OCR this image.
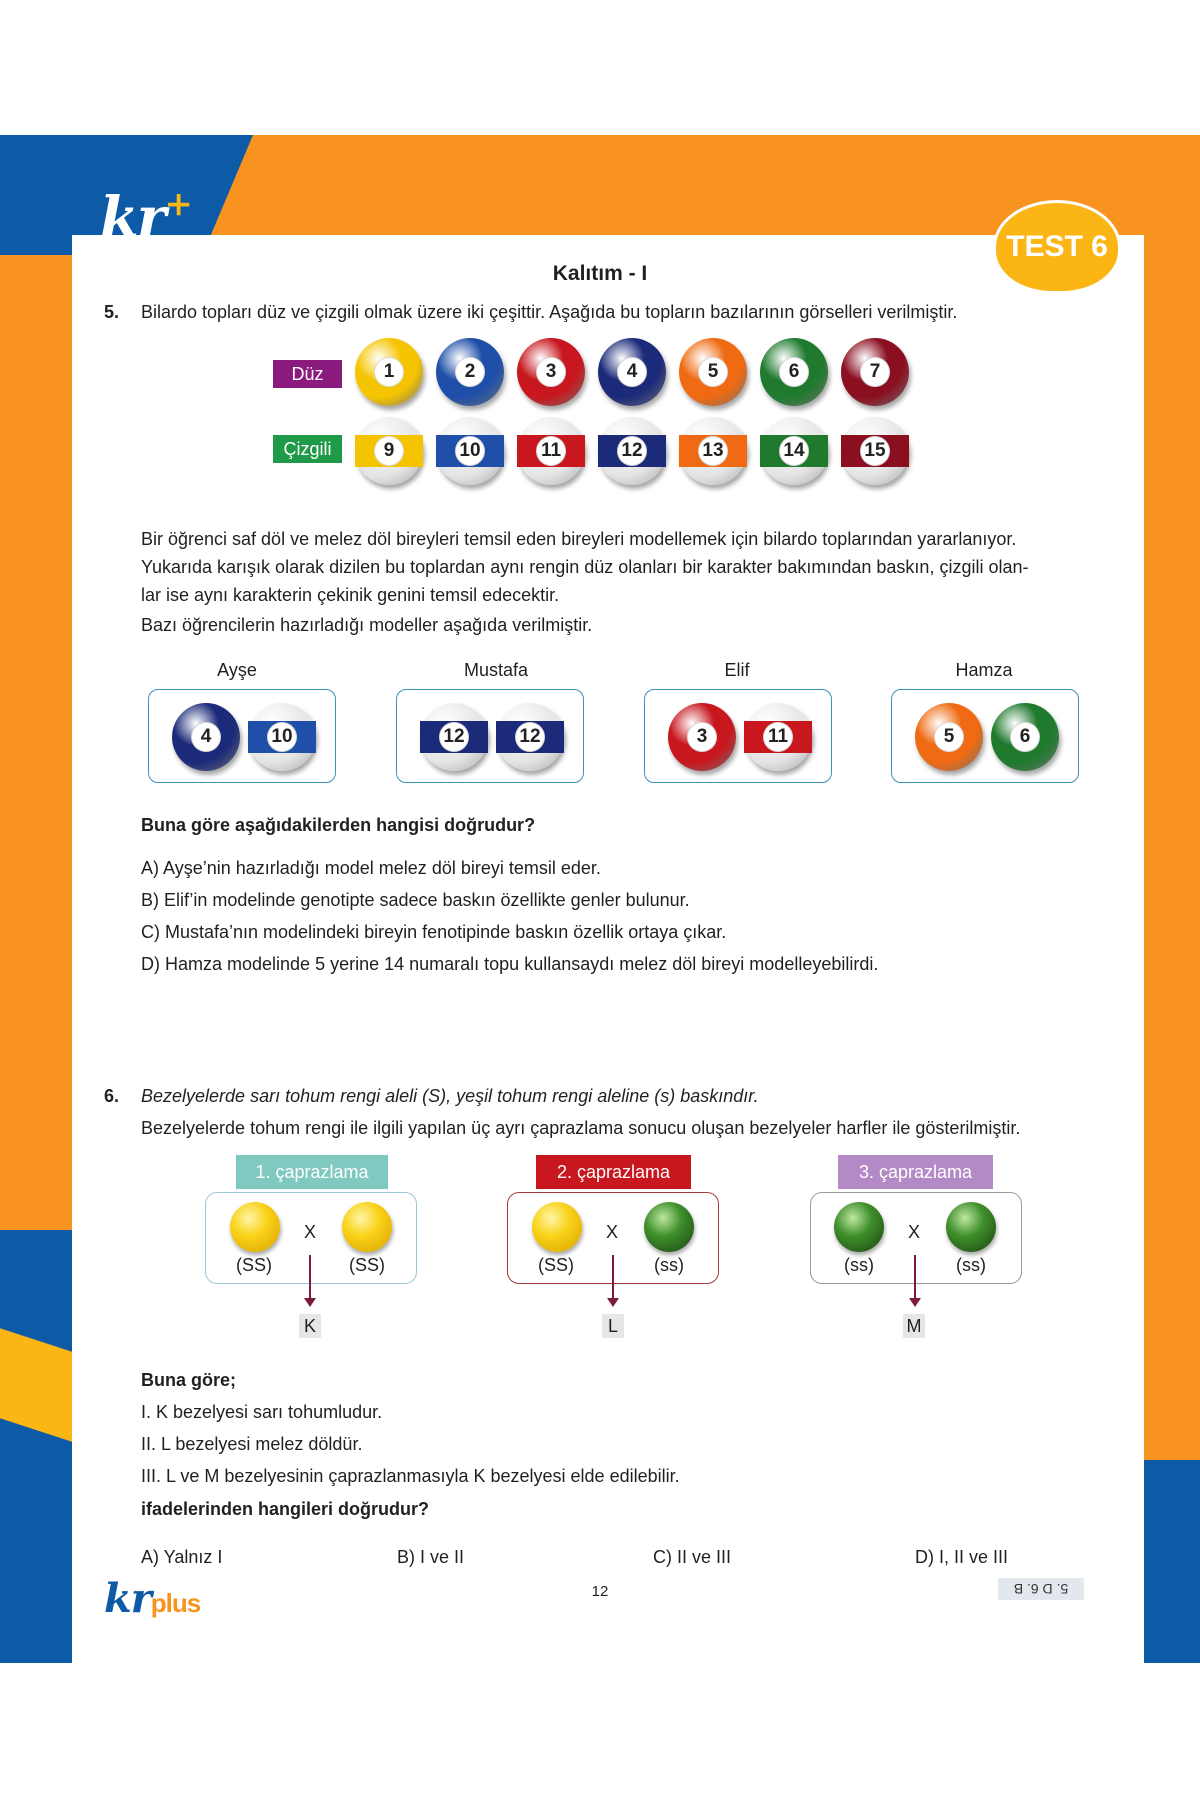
kr+
TEST 6
Kalıtım - I
5. Bilardo topları düz ve çizgili olmak üzere iki çeşittir. Aşağıda bu topların bazılarının görselleri verilmiştir.
Düz
Çizgili
Bir öğrenci saf döl ve melez döl bireyleri temsil eden bireyleri modellemek için bilardo toplarından yararlanıyor.
Yukarıda karışık olarak dizilen bu toplardan aynı rengin düz olanları bir karakter bakımından baskın, çizgili olan-
lar ise aynı karakterin çekinik genini temsil edecektir.
Bazı öğrencilerin hazırladığı modeller aşağıda verilmiştir.
Ayşe	Mustafa	Elif	Hamza
Buna göre aşağıdakilerden hangisi doğrudur?
A) Ayşe’nin hazırladığı model melez döl bireyi temsil eder.
B) Elif’in modelinde genotipte sadece baskın özellikte genler bulunur.
C) Mustafa’nın modelindeki bireyin fenotipinde baskın özellik ortaya çıkar.
D) Hamza modelinde 5 yerine 14 numaralı topu kullansaydı melez döl bireyi modelleyebilirdi.
6. Bezelyelerde sarı tohum rengi aleli (S), yeşil tohum rengi aleline (s) baskındır.
Bezelyelerde tohum rengi ile ilgili yapılan üç ayrı çaprazlama sonucu oluşan bezelyeler harfler ile gösterilmiştir.
1. çaprazlama
X
(SS)	(SS)
K
2. çaprazlama
X
(SS)	(ss)
L
3. çaprazlama
X
(ss)	(ss)
M
Buna göre;
I. K bezelyesi sarı tohumludur.
II. L bezelyesi melez döldür.
III. L ve M bezelyesinin çaprazlanmasıyla K bezelyesi elde edilebilir.
ifadelerinden hangileri doğrudur?
A) Yalnız I	B) I ve II	C) II ve III	D) I, II ve III
krplus	12	5. D 6. B
1	2	3	4	5	6	7
9	10	11	12	13	14	15
4	10	12	12	3	11	5	6
